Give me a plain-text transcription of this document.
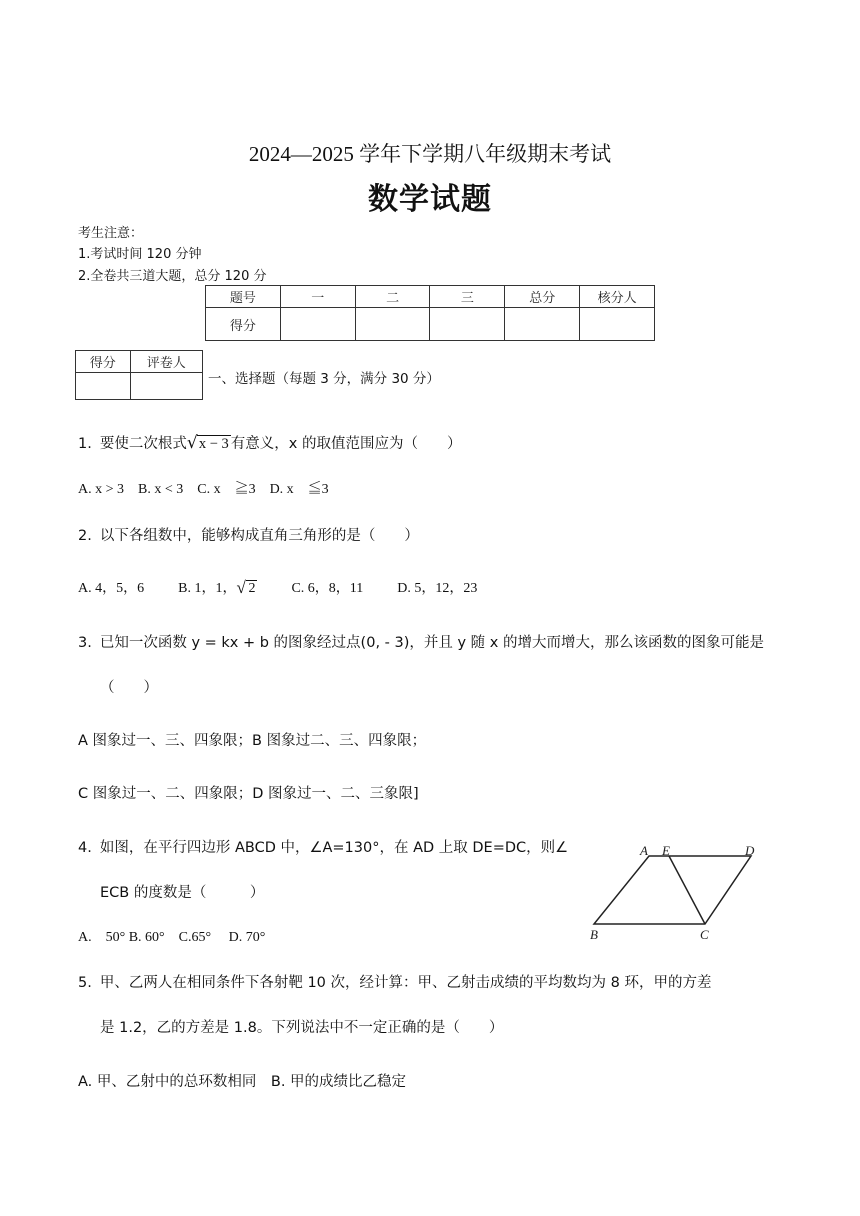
2024—2025 学年下学期八年级期末考试
数学试题
考生注意：
1.考试时间 120 分钟
2.全卷共三道大题，总分 120 分
题号	一	二	三	总分	核分人
得分					
得分	评卷人

一、选择题（每题 3 分，满分 30 分）
1. 要使二次根式 √ x − 3 有意义，x 的取值范围应为（　　）
A. x > 3　B. x < 3　C. x　≧3　D. x　≦3
2. 以下各组数中，能够构成直角三角形的是（　　）
A. 4，5，6 B. 1，1， √ 2	C. 6，8，11 D. 5，12，23
3. 已知一次函数 y = kx + b 的图象经过点(0, - 3)，并且 y 随 x 的增大而增大，那么该函数的图象可能是
（　　）
A 图象过一、三、四象限；B 图象过二、三、四象限；
C 图象过一、二、四象限；D 图象过一、二、三象限]
4. 如图，在平行四边形 ABCD 中，∠A=130°，在 AD 上取 DE=DC，则∠
ECB 的度数是（　　　）
A.　50° B. 60°　C.65°　 D. 70°
A E	D
B	C
5. 甲、乙两人在相同条件下各射靶 10 次，经计算：甲、乙射击成绩的平均数均为 8 环，甲的方差
是 1.2，乙的方差是 1.8。下列说法中不一定正确的是（　　）
A. 甲、乙射中的总环数相同　B. 甲的成绩比乙稳定
